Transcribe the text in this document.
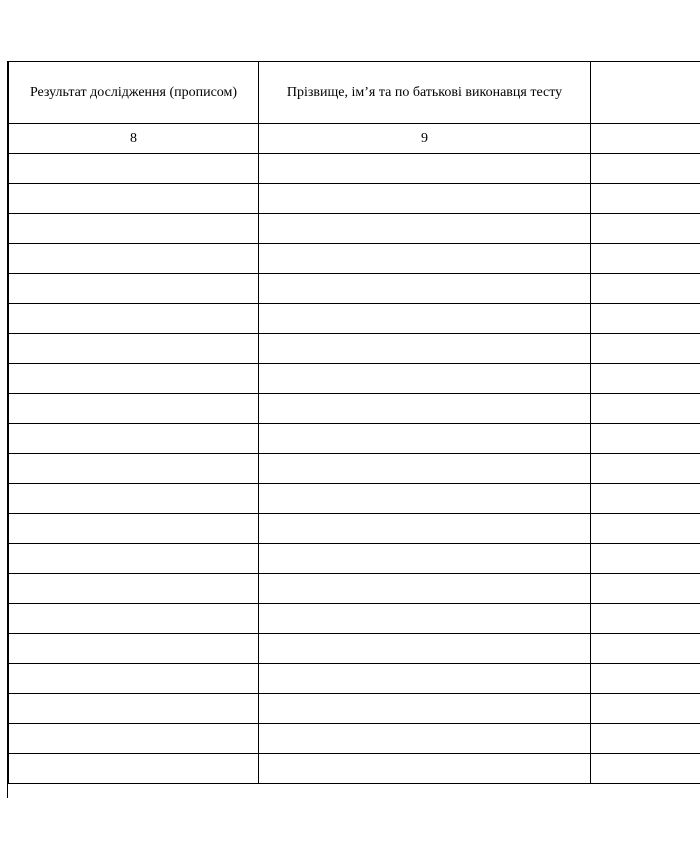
Результат дослідження (прописом)	Прізвище, ім’я та по батькові виконавця тесту	
8	9	
